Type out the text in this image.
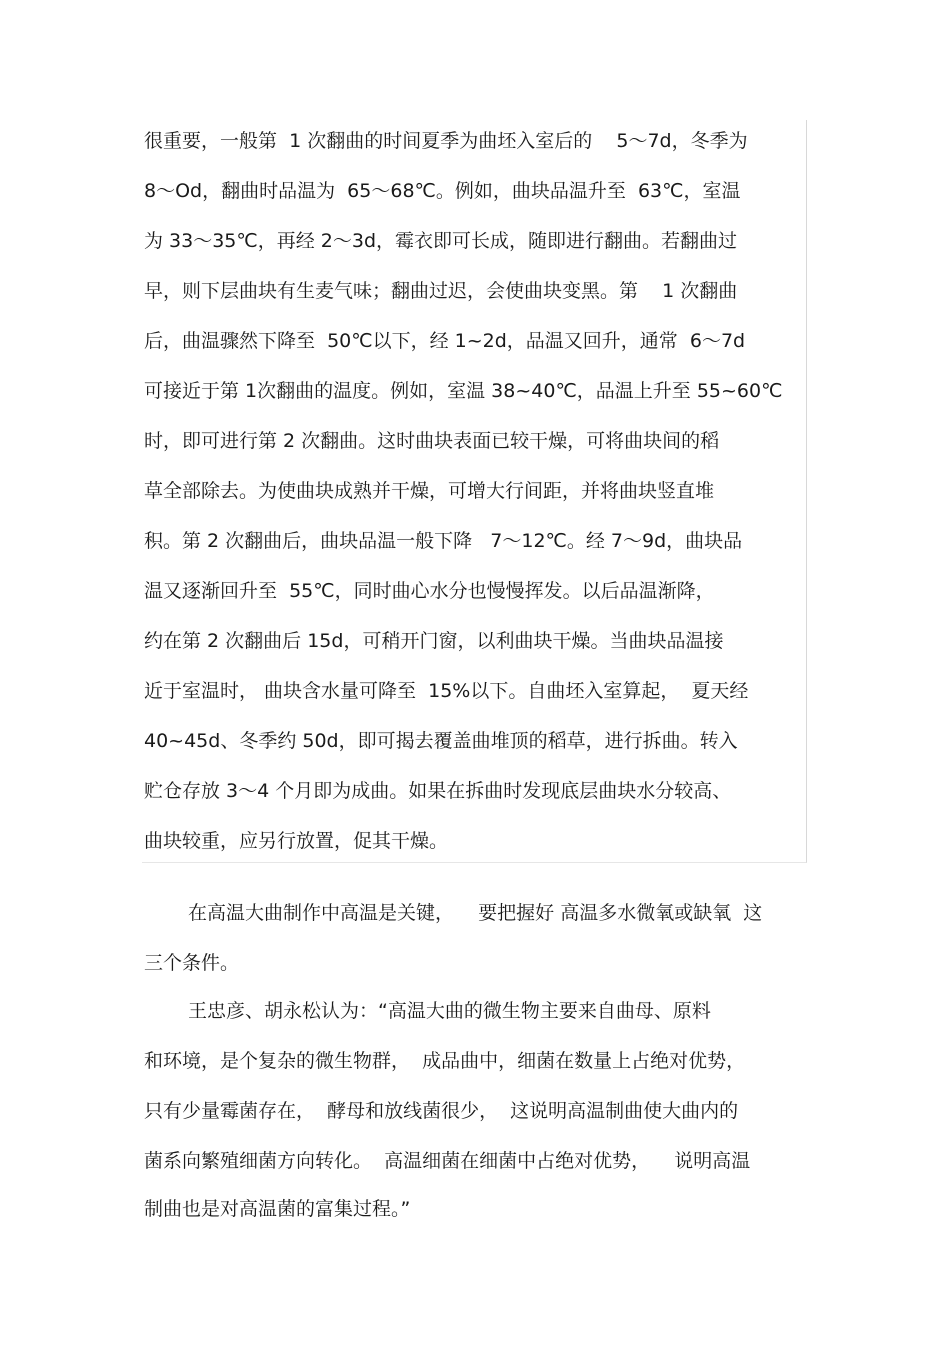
很重要，一般第  1 次翻曲的时间夏季为曲坯入室后的    5～7d，冬季为
8～Od，翻曲时品温为  65～68℃。例如，曲块品温升至  63℃，室温
为 33～35℃，再经 2～3d，霉衣即可长成，随即进行翻曲。若翻曲过
早，则下层曲块有生麦气味；翻曲过迟，会使曲块变黑。第    1 次翻曲
后，曲温骤然下降至  50℃以下，经 1~2d，品温又回升，通常  6～7d
可接近于第 1次翻曲的温度。例如，室温 38~40℃，品温上升至 55~60℃
时，即可进行第 2 次翻曲。这时曲块表面已较干燥，可将曲块间的稻
草全部除去。为使曲块成熟并干燥，可增大行间距，并将曲块竖直堆
积。第 2 次翻曲后，曲块品温一般下降   7～12℃。经 7～9d，曲块品
温又逐渐回升至  55℃，同时曲心水分也慢慢挥发。以后品温渐降，
约在第 2 次翻曲后 15d，可稍开门窗，以利曲块干燥。当曲块品温接
近于室温时， 曲块含水量可降至  15%以下。自曲坯入室算起，  夏天经
40~45d、冬季约 50d，即可揭去覆盖曲堆顶的稻草，进行拆曲。转入
贮仓存放 3～4 个月即为成曲。如果在拆曲时发现底层曲块水分较高、
曲块较重，应另行放置，促其干燥。
在高温大曲制作中高温是关键，    要把握好 高温多水微氧或缺氧  这
三个条件。
王忠彦、胡永松认为：“高温大曲的微生物主要来自曲母、原料
和环境，是个复杂的微生物群，  成品曲中，细菌在数量上占绝对优势，
只有少量霉菌存在，  酵母和放线菌很少，  这说明高温制曲使大曲内的
菌系向繁殖细菌方向转化。  高温细菌在细菌中占绝对优势，    说明高温
制曲也是对高温菌的富集过程。”
